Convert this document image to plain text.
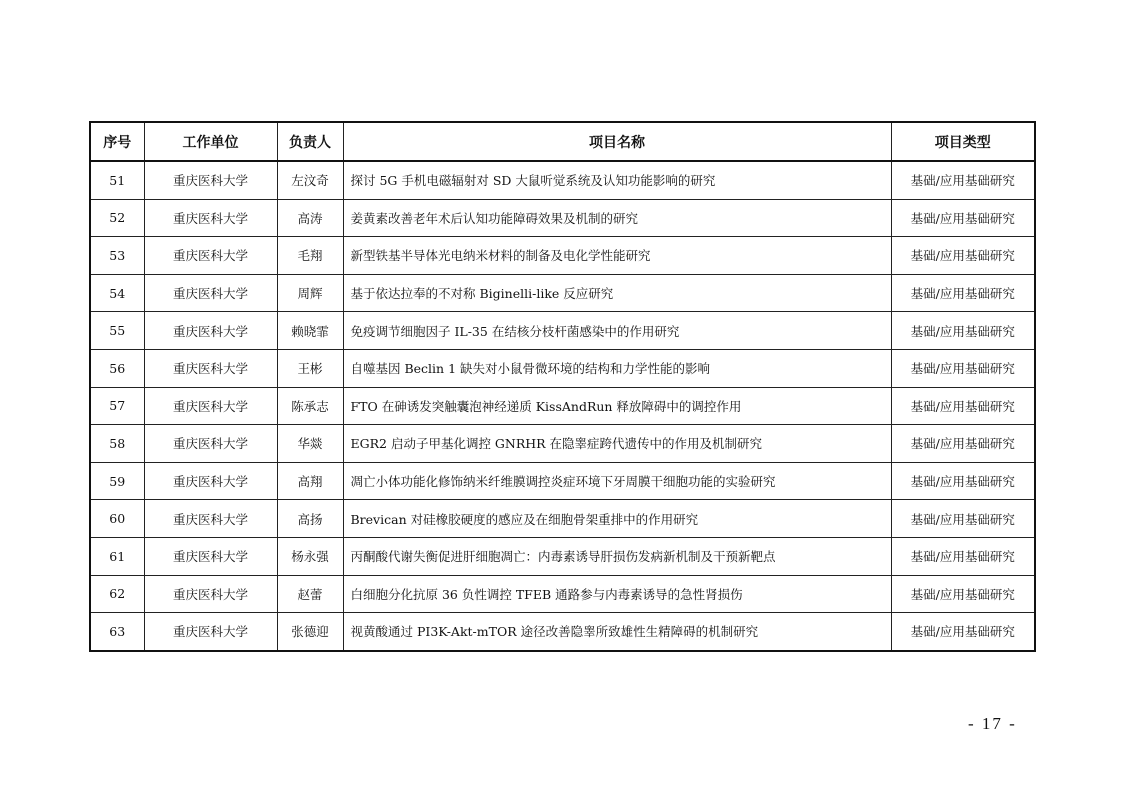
序号	工作单位	负责人	项目名称	项目类型
51	重庆医科大学	左汶奇	探讨 5G 手机电磁辐射对 SD 大鼠听觉系统及认知功能影响的研究	基础/应用基础研究
52	重庆医科大学	高涛	姜黄素改善老年术后认知功能障碍效果及机制的研究	基础/应用基础研究
53	重庆医科大学	毛翔	新型铁基半导体光电纳米材料的制备及电化学性能研究	基础/应用基础研究
54	重庆医科大学	周辉	基于依达拉奉的不对称 Biginelli-like 反应研究	基础/应用基础研究
55	重庆医科大学	赖晓霏	免疫调节细胞因子 IL-35 在结核分枝杆菌感染中的作用研究	基础/应用基础研究
56	重庆医科大学	王彬	自噬基因 Beclin 1 缺失对小鼠骨微环境的结构和力学性能的影响	基础/应用基础研究
57	重庆医科大学	陈承志	FTO 在砷诱发突触囊泡神经递质 KissAndRun 释放障碍中的调控作用	基础/应用基础研究
58	重庆医科大学	华燚	EGR2 启动子甲基化调控 GNRHR 在隐睾症跨代遗传中的作用及机制研究	基础/应用基础研究
59	重庆医科大学	高翔	凋亡小体功能化修饰纳米纤维膜调控炎症环境下牙周膜干细胞功能的实验研究	基础/应用基础研究
60	重庆医科大学	高扬	Brevican 对硅橡胶硬度的感应及在细胞骨架重排中的作用研究	基础/应用基础研究
61	重庆医科大学	杨永强	丙酮酸代谢失衡促进肝细胞凋亡：内毒素诱导肝损伤发病新机制及干预新靶点	基础/应用基础研究
62	重庆医科大学	赵蕾	白细胞分化抗原 36 负性调控 TFEB 通路参与内毒素诱导的急性肾损伤	基础/应用基础研究
63	重庆医科大学	张德迎	视黄酸通过 PI3K-Akt-mTOR 途径改善隐睾所致雄性生精障碍的机制研究	基础/应用基础研究
- 17 -
